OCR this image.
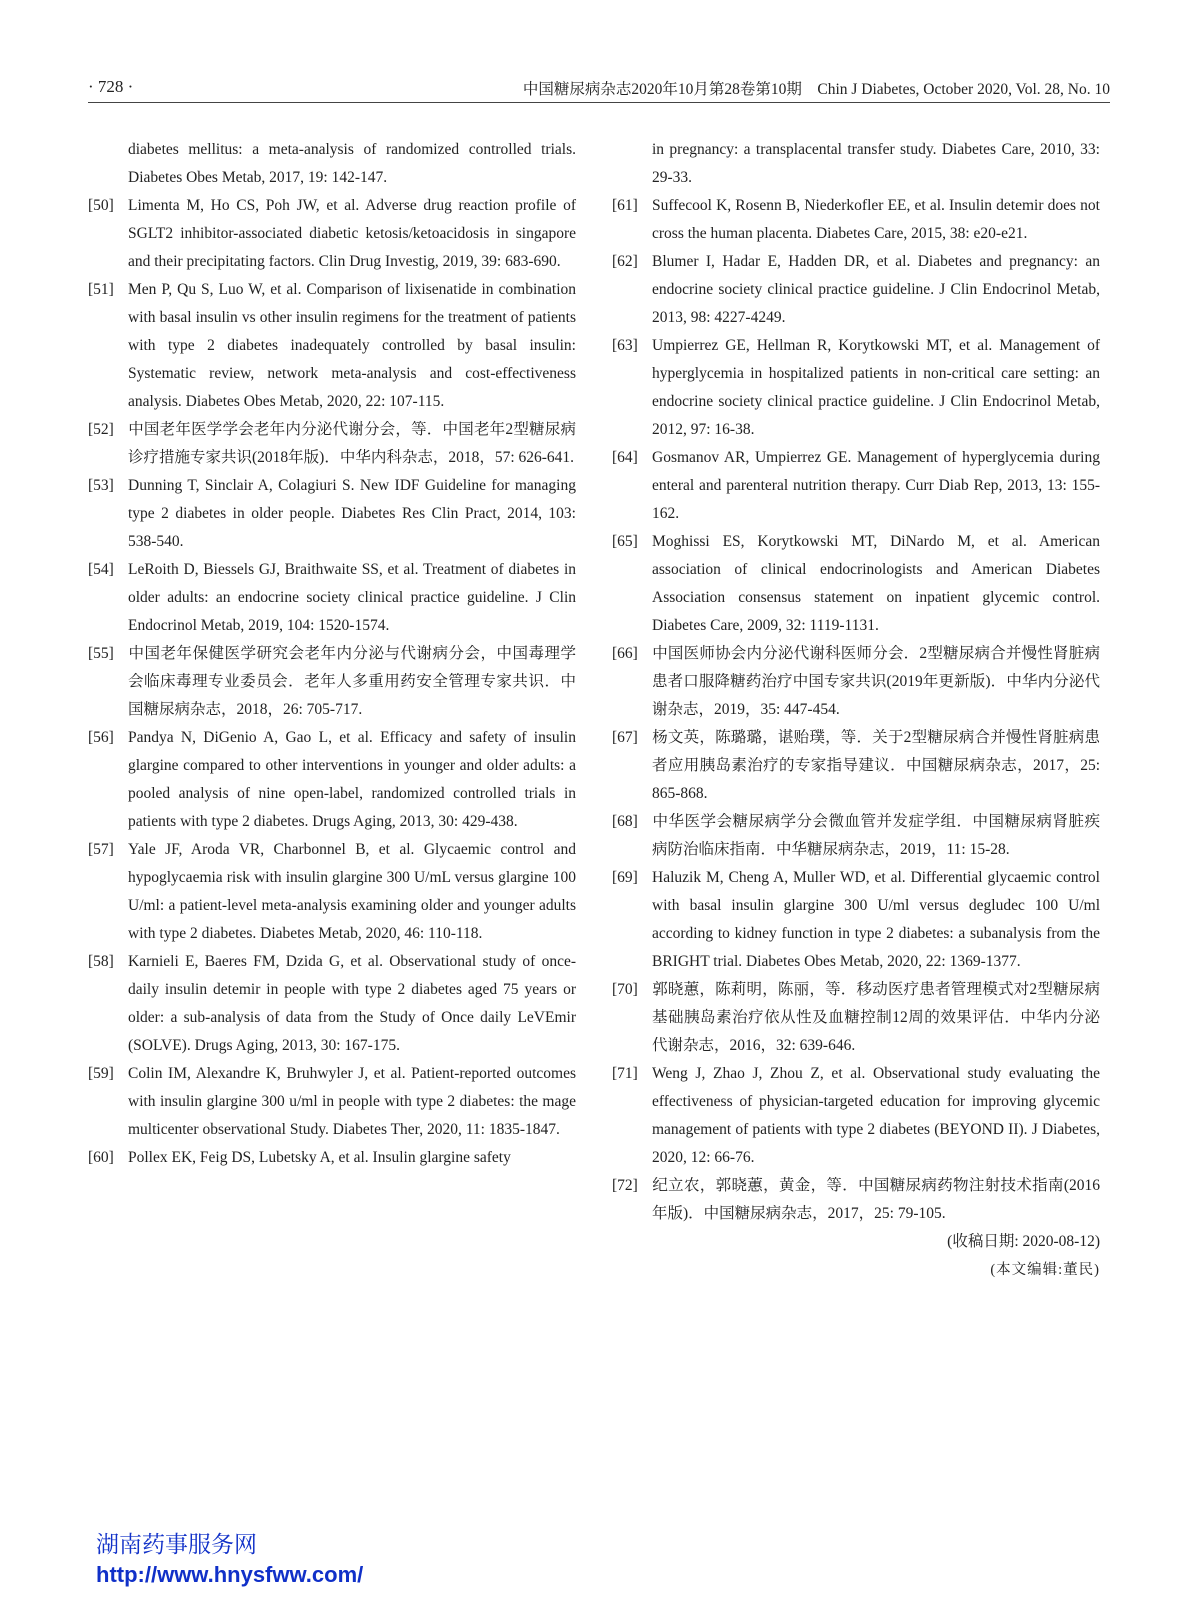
· 728 ·	中国糖尿病杂志2020年10月第28卷第10期　Chin J Diabetes, October 2020, Vol. 28, No. 10

diabetes mellitus: a meta-analysis of randomized controlled trials. Diabetes Obes Metab, 2017, 19: 142-147.

[50] Limenta M, Ho CS, Poh JW, et al. Adverse drug reaction profile of SGLT2 inhibitor-associated diabetic ketosis/ketoacidosis in singapore and their precipitating factors. Clin Drug Investig, 2019, 39: 683-690.

[51] Men P, Qu S, Luo W, et al. Comparison of lixisenatide in combination with basal insulin vs other insulin regimens for the treatment of patients with type 2 diabetes inadequately controlled by basal insulin: Systematic review, network meta-analysis and cost-effectiveness analysis. Diabetes Obes Metab, 2020, 22: 107-115.

[52] 中国老年医学学会老年内分泌代谢分会，等．中国老年2型糖尿病诊疗措施专家共识(2018年版)．中华内科杂志，2018，57: 626-641.

[53] Dunning T, Sinclair A, Colagiuri S. New IDF Guideline for managing type 2 diabetes in older people. Diabetes Res Clin Pract, 2014, 103: 538-540.

[54] LeRoith D, Biessels GJ, Braithwaite SS, et al. Treatment of diabetes in older adults: an endocrine society clinical practice guideline. J Clin Endocrinol Metab, 2019, 104: 1520-1574.

[55] 中国老年保健医学研究会老年内分泌与代谢病分会，中国毒理学会临床毒理专业委员会．老年人多重用药安全管理专家共识．中国糖尿病杂志，2018，26: 705-717.

[56] Pandya N, DiGenio A, Gao L, et al. Efficacy and safety of insulin glargine compared to other interventions in younger and older adults: a pooled analysis of nine open-label, randomized controlled trials in patients with type 2 diabetes. Drugs Aging, 2013, 30: 429-438.

[57] Yale JF, Aroda VR, Charbonnel B, et al. Glycaemic control and hypoglycaemia risk with insulin glargine 300 U/mL versus glargine 100 U/ml: a patient-level meta-analysis examining older and younger adults with type 2 diabetes. Diabetes Metab, 2020, 46: 110-118.

[58] Karnieli E, Baeres FM, Dzida G, et al. Observational study of once-daily insulin detemir in people with type 2 diabetes aged 75 years or older: a sub-analysis of data from the Study of Once daily LeVEmir (SOLVE). Drugs Aging, 2013, 30: 167-175.

[59] Colin IM, Alexandre K, Bruhwyler J, et al. Patient-reported outcomes with insulin glargine 300 u/ml in people with type 2 diabetes: the mage multicenter observational Study. Diabetes Ther, 2020, 11: 1835-1847.

[60] Pollex EK, Feig DS, Lubetsky A, et al. Insulin glargine safety

in pregnancy: a transplacental transfer study. Diabetes Care, 2010, 33: 29-33.

[61] Suffecool K, Rosenn B, Niederkofler EE, et al. Insulin detemir does not cross the human placenta. Diabetes Care, 2015, 38: e20-e21.

[62] Blumer I, Hadar E, Hadden DR, et al. Diabetes and pregnancy: an endocrine society clinical practice guideline. J Clin Endocrinol Metab, 2013, 98: 4227-4249.

[63] Umpierrez GE, Hellman R, Korytkowski MT, et al. Management of hyperglycemia in hospitalized patients in non-critical care setting: an endocrine society clinical practice guideline. J Clin Endocrinol Metab, 2012, 97: 16-38.

[64] Gosmanov AR, Umpierrez GE. Management of hyperglycemia during enteral and parenteral nutrition therapy. Curr Diab Rep, 2013, 13: 155-162.

[65] Moghissi ES, Korytkowski MT, DiNardo M, et al. American association of clinical endocrinologists and American Diabetes Association consensus statement on inpatient glycemic control. Diabetes Care, 2009, 32: 1119-1131.

[66] 中国医师协会内分泌代谢科医师分会．2型糖尿病合并慢性肾脏病患者口服降糖药治疗中国专家共识(2019年更新版)．中华内分泌代谢杂志，2019，35: 447-454.

[67] 杨文英，陈璐璐，谌贻璞，等．关于2型糖尿病合并慢性肾脏病患者应用胰岛素治疗的专家指导建议．中国糖尿病杂志，2017，25: 865-868.

[68] 中华医学会糖尿病学分会微血管并发症学组．中国糖尿病肾脏疾病防治临床指南．中华糖尿病杂志，2019，11: 15-28.

[69] Haluzik M, Cheng A, Muller WD, et al. Differential glycaemic control with basal insulin glargine 300 U/ml versus degludec 100 U/ml according to kidney function in type 2 diabetes: a subanalysis from the BRIGHT trial. Diabetes Obes Metab, 2020, 22: 1369-1377.

[70] 郭晓蕙，陈莉明，陈丽，等．移动医疗患者管理模式对2型糖尿病基础胰岛素治疗依从性及血糖控制12周的效果评估．中华内分泌代谢杂志，2016，32: 639-646.

[71] Weng J, Zhao J, Zhou Z, et al. Observational study evaluating the effectiveness of physician-targeted education for improving glycemic management of patients with type 2 diabetes (BEYOND II). J Diabetes, 2020, 12: 66-76.

[72] 纪立农，郭晓蕙，黄金，等．中国糖尿病药物注射技术指南(2016年版)．中国糖尿病杂志，2017，25: 79-105.

(收稿日期: 2020-08-12)

(本文编辑:董民)

湖南药事服务网
http://www.hnysfww.com/
